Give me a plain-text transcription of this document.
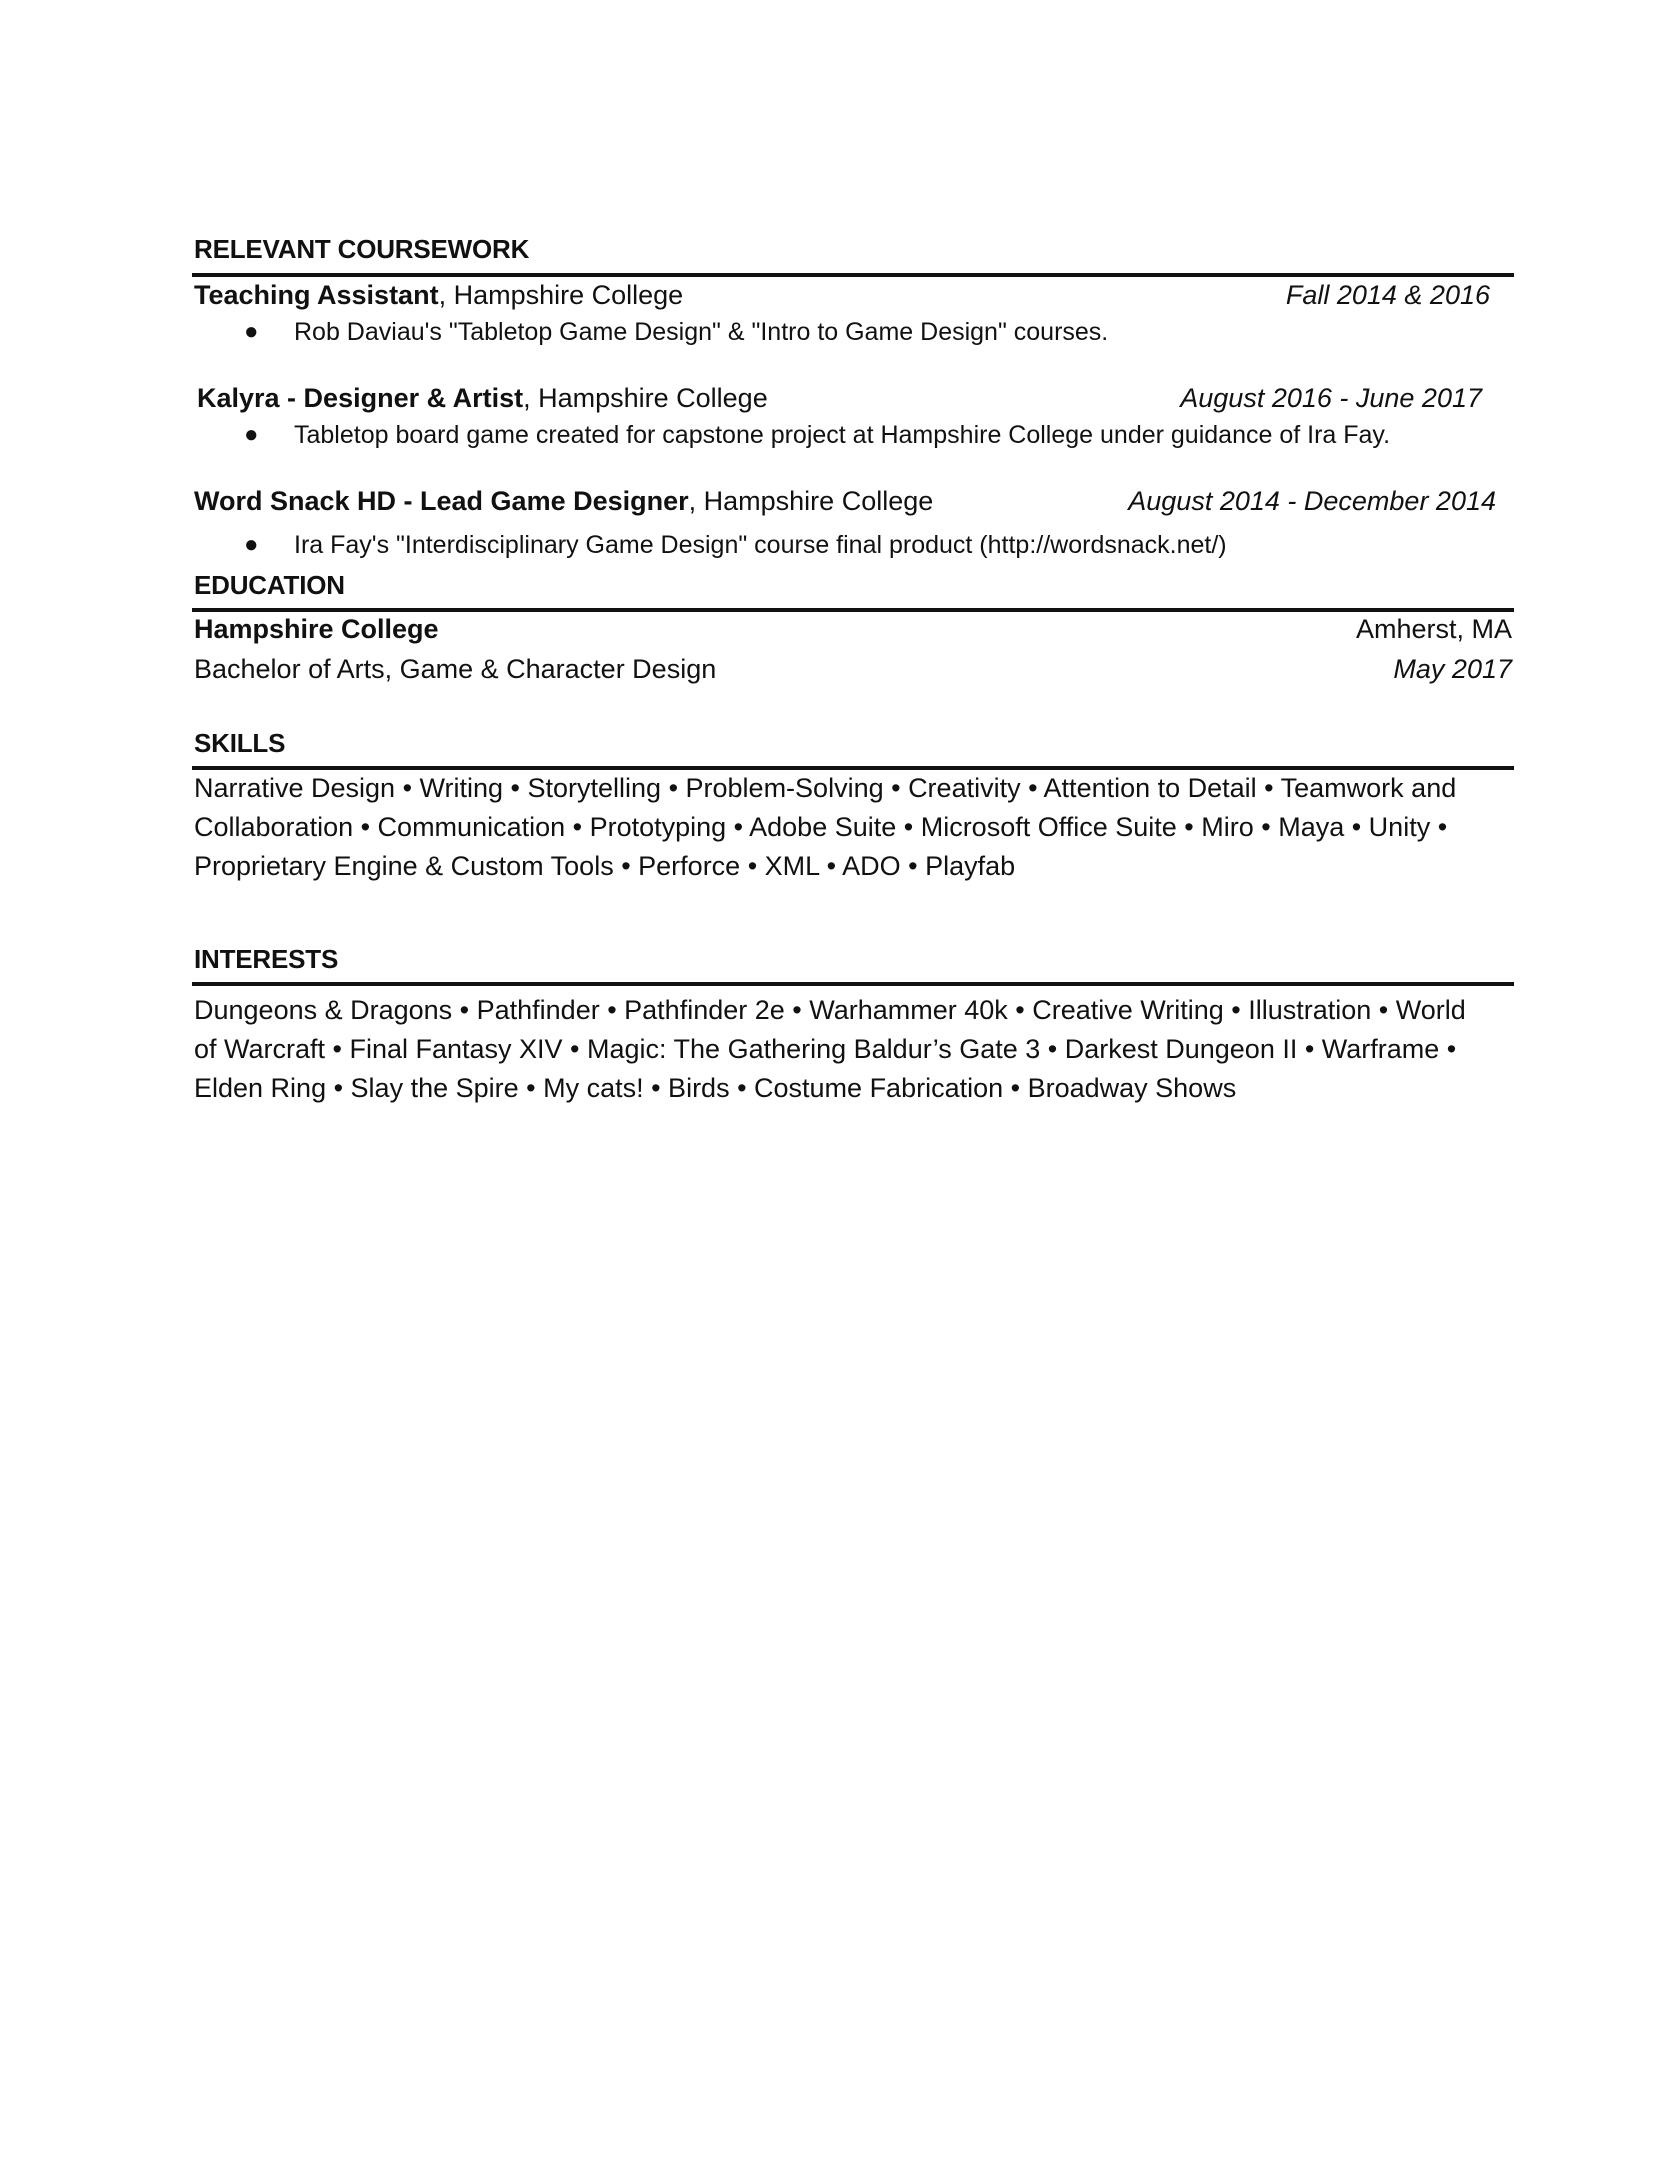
RELEVANT COURSEWORK
Teaching Assistant, Hampshire College	Fall 2014 & 2016
● Rob Daviau's "Tabletop Game Design" & "Intro to Game Design" courses.
Kalyra - Designer & Artist, Hampshire College	August 2016 - June 2017
● Tabletop board game created for capstone project at Hampshire College under guidance of Ira Fay.
Word Snack HD - Lead Game Designer, Hampshire College	August 2014 - December 2014
● Ira Fay's "Interdisciplinary Game Design" course final product (http://wordsnack.net/)
EDUCATION
Hampshire College	Amherst, MA
Bachelor of Arts, Game & Character Design	May 2017
SKILLS
Narrative Design • Writing • Storytelling • Problem-Solving • Creativity • Attention to Detail • Teamwork and
Collaboration • Communication • Prototyping • Adobe Suite • Microsoft Office Suite • Miro • Maya • Unity •
Proprietary Engine & Custom Tools • Perforce • XML • ADO • Playfab
INTERESTS
Dungeons & Dragons • Pathfinder • Pathfinder 2e • Warhammer 40k • Creative Writing • Illustration • World
of Warcraft • Final Fantasy XIV • Magic: The Gathering Baldur’s Gate 3 • Darkest Dungeon II • Warframe •
Elden Ring • Slay the Spire • My cats! • Birds • Costume Fabrication • Broadway Shows
